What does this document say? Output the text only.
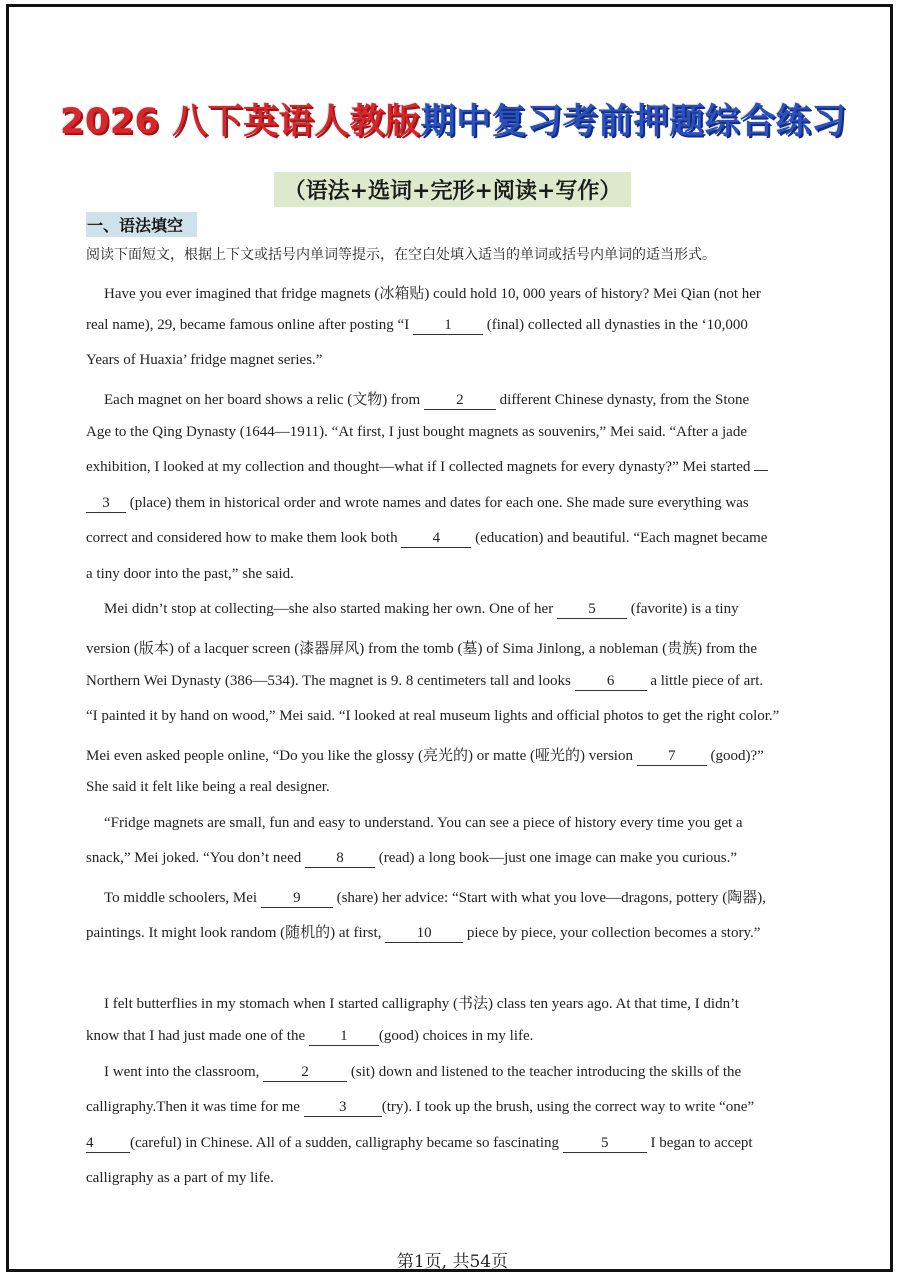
2026 八下英语人教版期中复习考前押题综合练习
（语法+选词+完形+阅读+写作）
一、语法填空
阅读下面短文，根据上下文或括号内单词等提示，在空白处填入适当的单词或括号内单词的适当形式。
Have you ever imagined that fridge magnets (冰箱贴) could hold 10, 000 years of history? Mei Qian (not her
real name), 29, became famous online after posting “I 1 (final) collected all dynasties in the ‘10,000
Years of Huaxia’ fridge magnet series.”
Each magnet on her board shows a relic (文物) from 2 different Chinese dynasty, from the Stone
Age to the Qing Dynasty (1644—1911). “At first, I just bought magnets as souvenirs,” Mei said. “After a jade
exhibition, I looked at my collection and thought—what if I collected magnets for every dynasty?” Mei started
3 (place) them in historical order and wrote names and dates for each one. She made sure everything was
correct and considered how to make them look both 4 (education) and beautiful. “Each magnet became
a tiny door into the past,” she said.
Mei didn’t stop at collecting—she also started making her own. One of her 5 (favorite) is a tiny
version (版本) of a lacquer screen (漆器屏风) from the tomb (墓) of Sima Jinlong, a nobleman (贵族) from the
Northern Wei Dynasty (386—534). The magnet is 9. 8 centimeters tall and looks 6 a little piece of art.
“I painted it by hand on wood,” Mei said. “I looked at real museum lights and official photos to get the right color.”
Mei even asked people online, “Do you like the glossy (亮光的) or matte (哑光的) version 7 (good)?”
She said it felt like being a real designer.
“Fridge magnets are small, fun and easy to understand. You can see a piece of history every time you get a
snack,” Mei joked. “You don’t need 8 (read) a long book—just one image can make you curious.”
To middle schoolers, Mei 9 (share) her advice: “Start with what you love—dragons, pottery (陶器),
paintings. It might look random (随机的) at first, 10 piece by piece, your collection becomes a story.”
I felt butterflies in my stomach when I started calligraphy (书法) class ten years ago. At that time, I didn’t
know that I had just made one of the 1 (good) choices in my life.
I went into the classroom,	2	(sit) down and listened to the teacher introducing the skills of the
calligraphy.Then it was time for me 3 (try). I took up the brush, using the correct way to write “one”
4 (careful) in Chinese. All of a sudden, calligraphy became so fascinating	5	I began to accept
calligraphy as a part of my life.
第1页, 共54页
